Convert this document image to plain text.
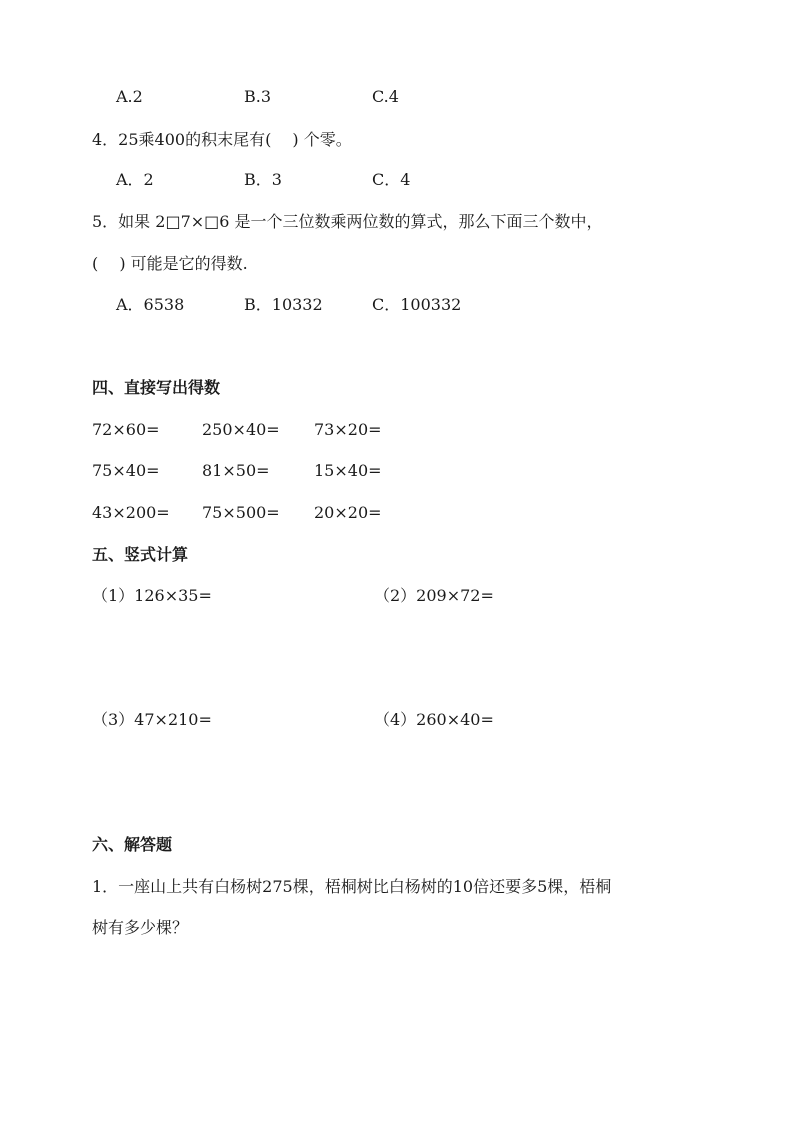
A.2	B.3	C.4

4．25乘400的积末尾有(　 ) 个零。

A．2	B．3	C．4

5．如果 2□7×□6 是一个三位数乘两位数的算式，那么下面三个数中，

(　 ) 可能是它的得数.

A．6538	B．10332	C．100332

四、直接写出得数

72×60=	250×40= 73×20=

75×40=	81×50=	15×40=

43×200= 75×500= 20×20=

五、竖式计算

（1）126×35=	（2）209×72=

（3）47×210=	（4）260×40=

六、解答题

1．一座山上共有白杨树275棵，梧桐树比白杨树的10倍还要多5棵，梧桐

树有多少棵？
